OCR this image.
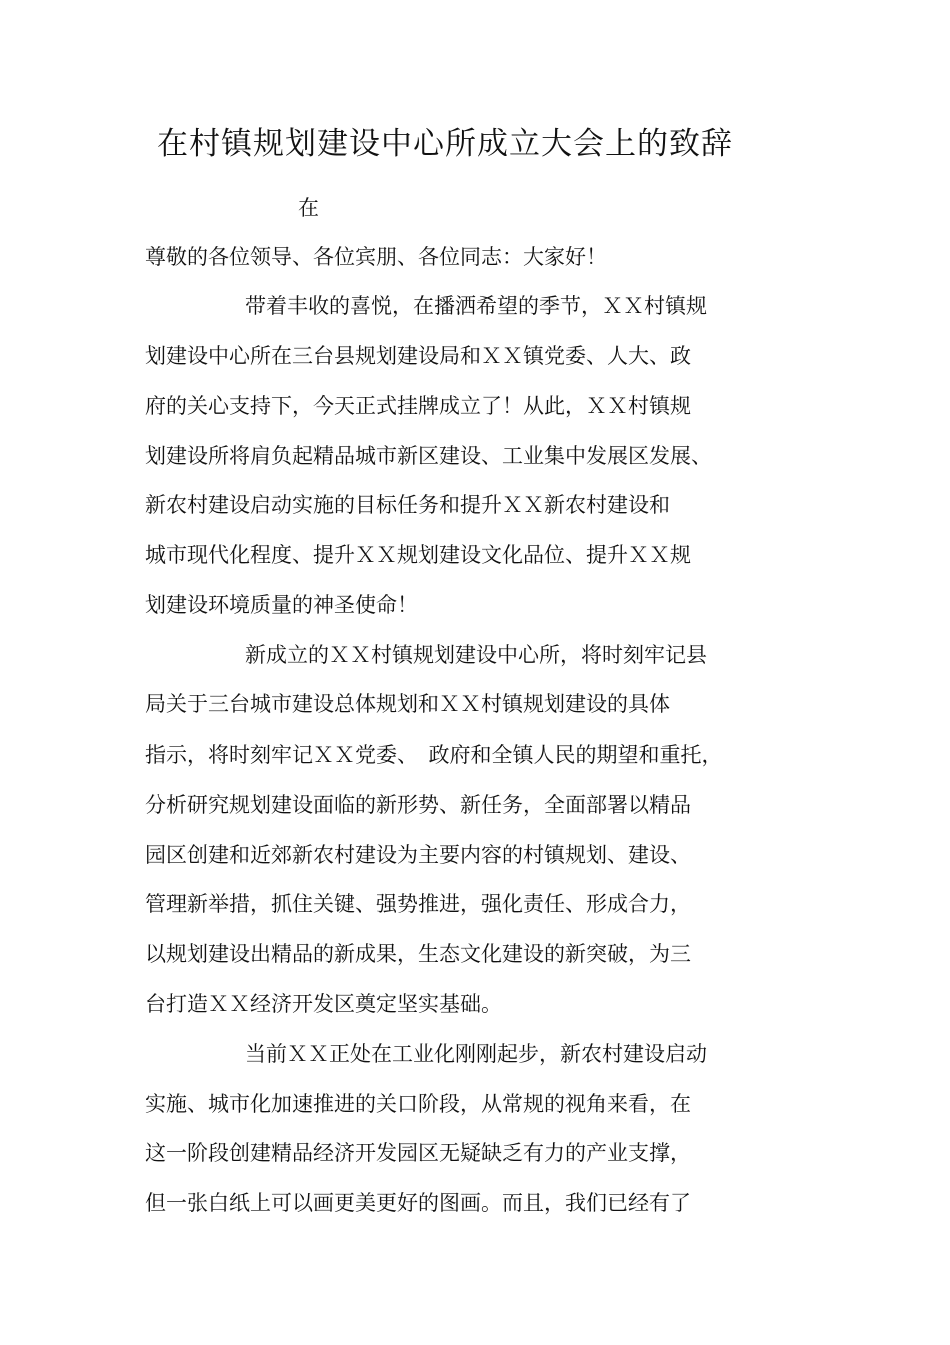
在村镇规划建设中心所成立大会上的致辞
在
尊敬的各位领导、各位宾朋、各位同志：大家好！
带着丰收的喜悦，在播洒希望的季节，ＸＸ村镇规
划建设中心所在三台县规划建设局和ＸＸ镇党委、人大、政
府的关心支持下，今天正式挂牌成立了！从此，ＸＸ村镇规
划建设所将肩负起精品城市新区建设、工业集中发展区发展、
新农村建设启动实施的目标任务和提升ＸＸ新农村建设和
城市现代化程度、提升ＸＸ规划建设文化品位、提升ＸＸ规
划建设环境质量的神圣使命！
新成立的ＸＸ村镇规划建设中心所，将时刻牢记县
局关于三台城市建设总体规划和ＸＸ村镇规划建设的具体
指示，将时刻牢记ＸＸ党委、　政府和全镇人民的期望和重托，
分析研究规划建设面临的新形势、新任务，全面部署以精品
园区创建和近郊新农村建设为主要内容的村镇规划、建设、
管理新举措，抓住关键、强势推进，强化责任、形成合力，
以规划建设出精品的新成果，生态文化建设的新突破，为三
台打造ＸＸ经济开发区奠定坚实基础。
当前ＸＸ正处在工业化刚刚起步，新农村建设启动
实施、城市化加速推进的关口阶段，从常规的视角来看，在
这一阶段创建精品经济开发园区无疑缺乏有力的产业支撑，
但一张白纸上可以画更美更好的图画。而且，我们已经有了
